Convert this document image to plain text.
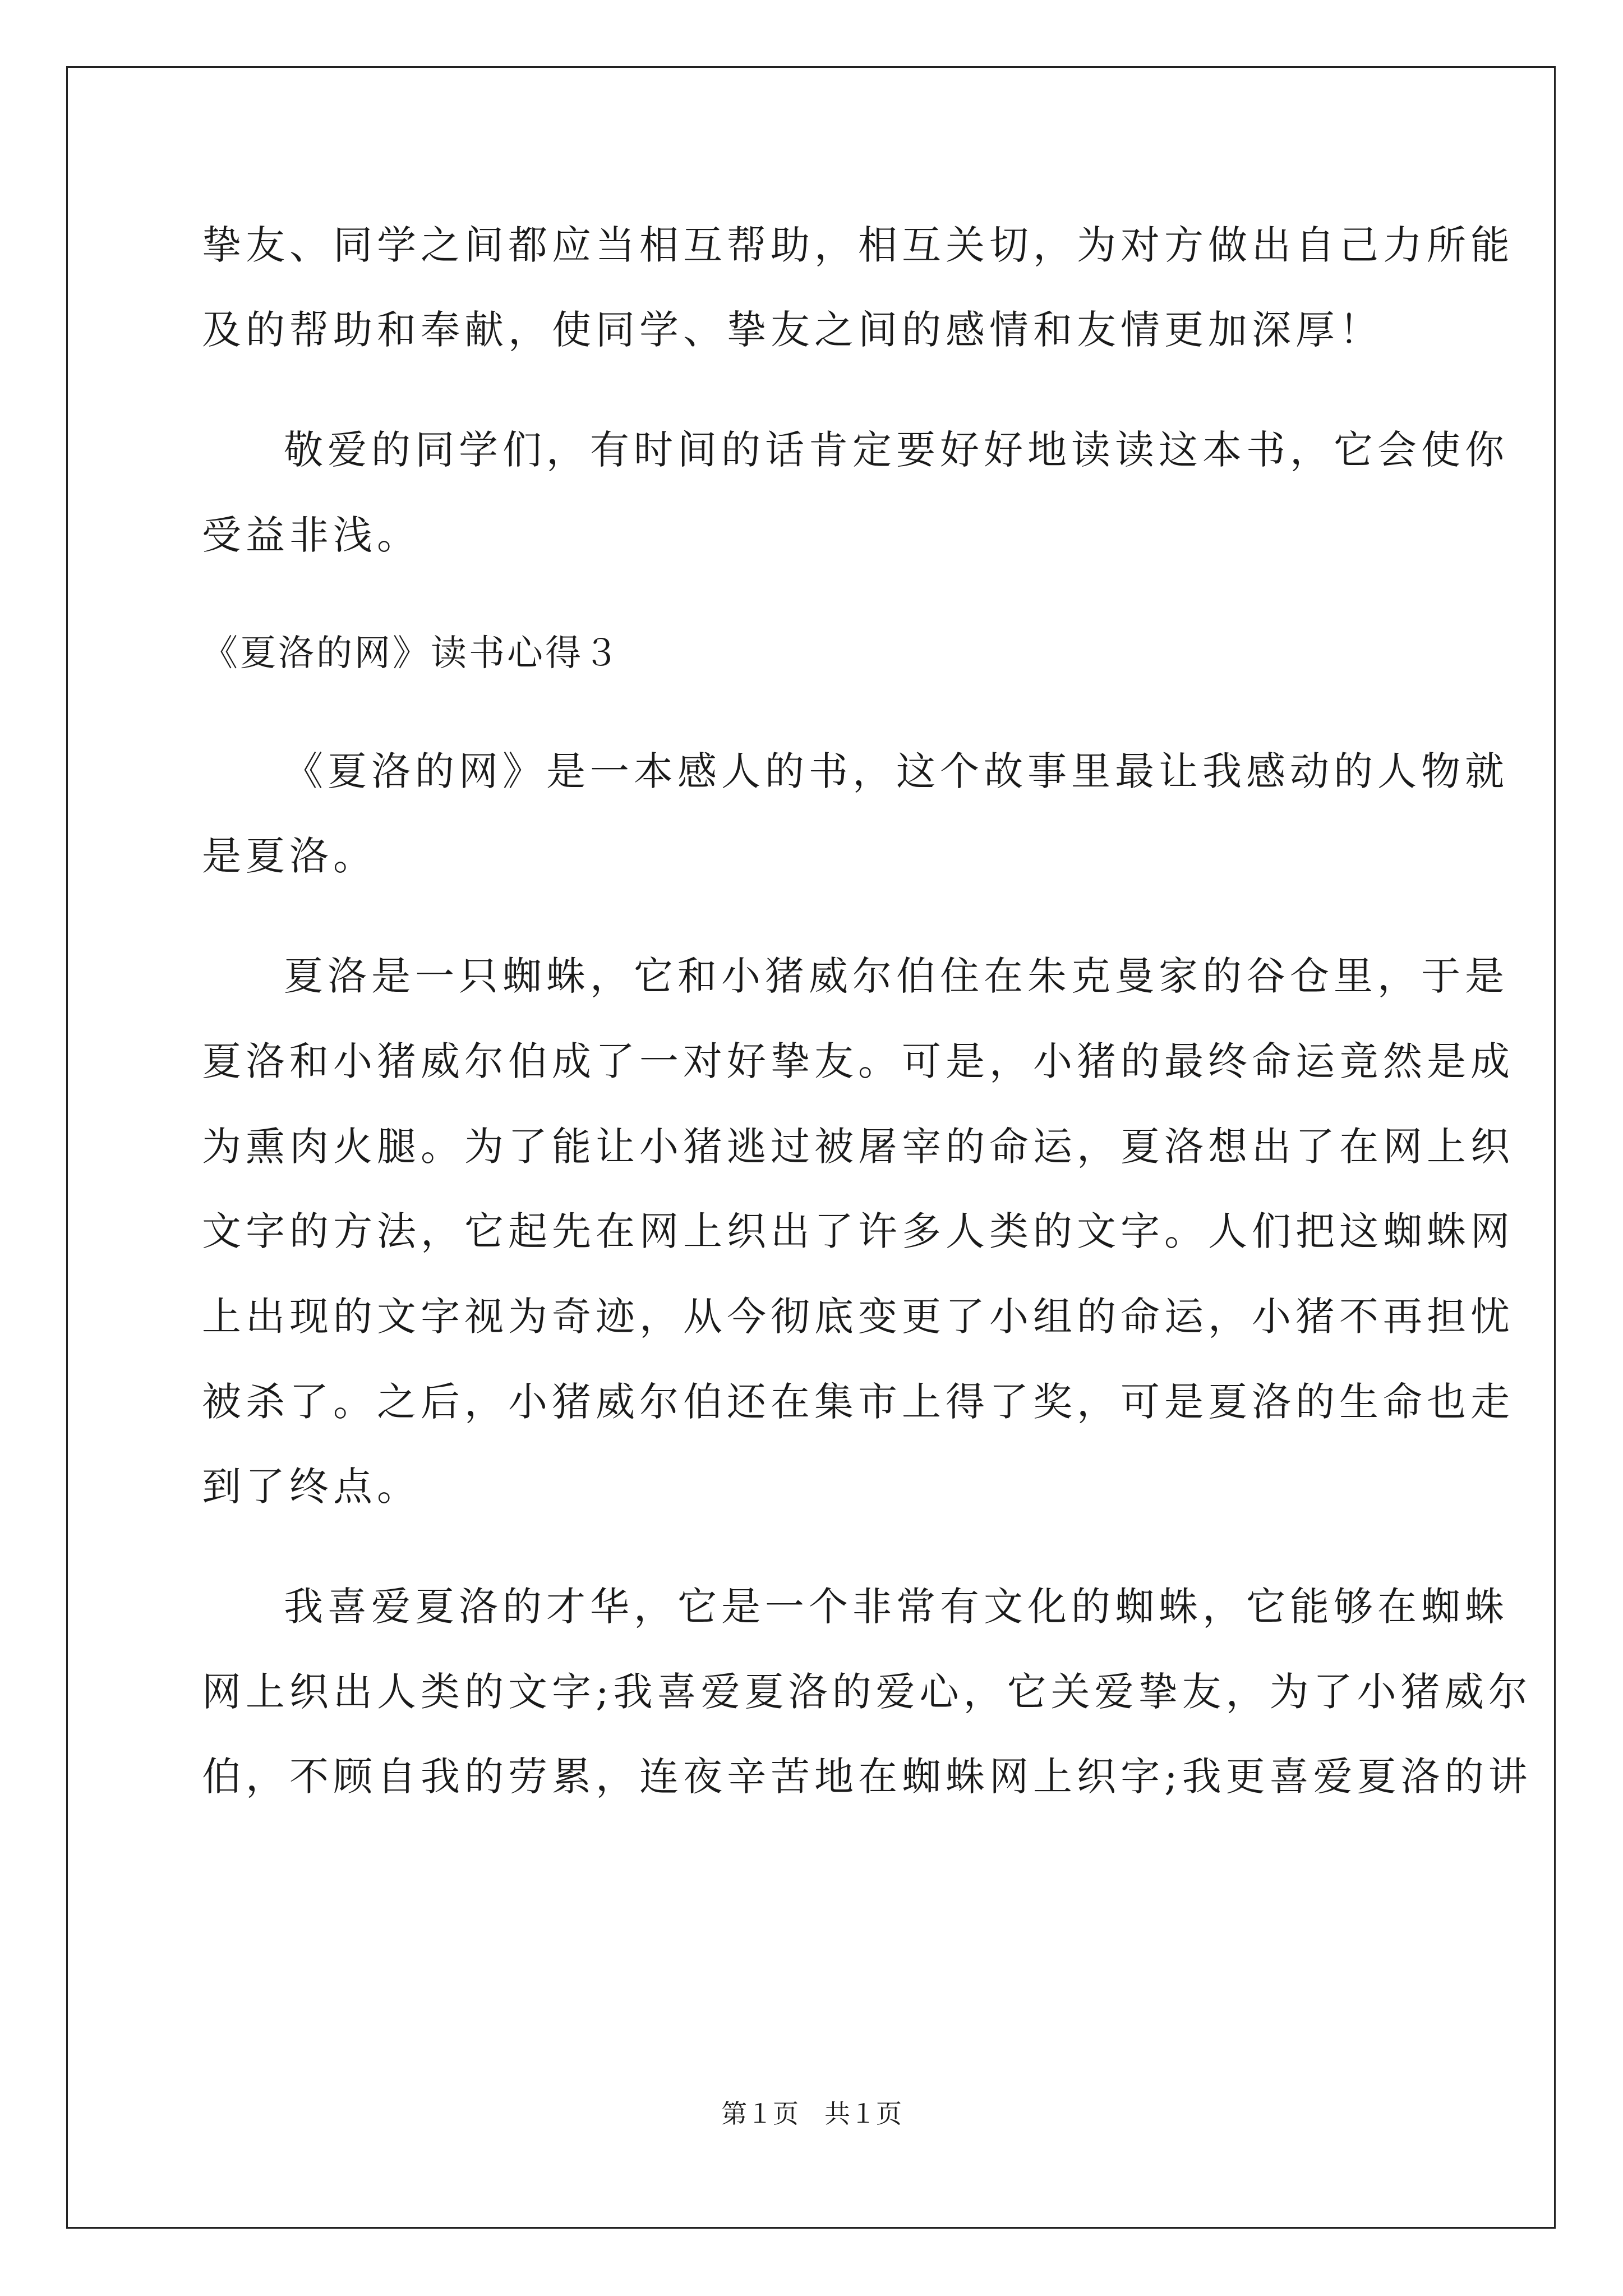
挚友、同学之间都应当相互帮助，相互关切，为对方做出自己力所能
及的帮助和奉献，使同学、挚友之间的感情和友情更加深厚！
敬爱的同学们，有时间的话肯定要好好地读读这本书，它会使你
受益非浅。
《夏洛的网》读书心得３
《夏洛的网》是一本感人的书，这个故事里最让我感动的人物就
是夏洛。
夏洛是一只蜘蛛，它和小猪威尔伯住在朱克曼家的谷仓里，于是
夏洛和小猪威尔伯成了一对好挚友。可是，小猪的最终命运竟然是成
为熏肉火腿。为了能让小猪逃过被屠宰的命运，夏洛想出了在网上织
文字的方法，它起先在网上织出了许多人类的文字。人们把这蜘蛛网
上出现的文字视为奇迹，从今彻底变更了小组的命运，小猪不再担忧
被杀了。之后，小猪威尔伯还在集市上得了奖，可是夏洛的生命也走
到了终点。
我喜爱夏洛的才华，它是一个非常有文化的蜘蛛，它能够在蜘蛛
网上织出人类的文字;我喜爱夏洛的爱心，它关爱挚友，为了小猪威尔
伯，不顾自我的劳累，连夜辛苦地在蜘蛛网上织字;我更喜爱夏洛的讲
第１页　共１页
